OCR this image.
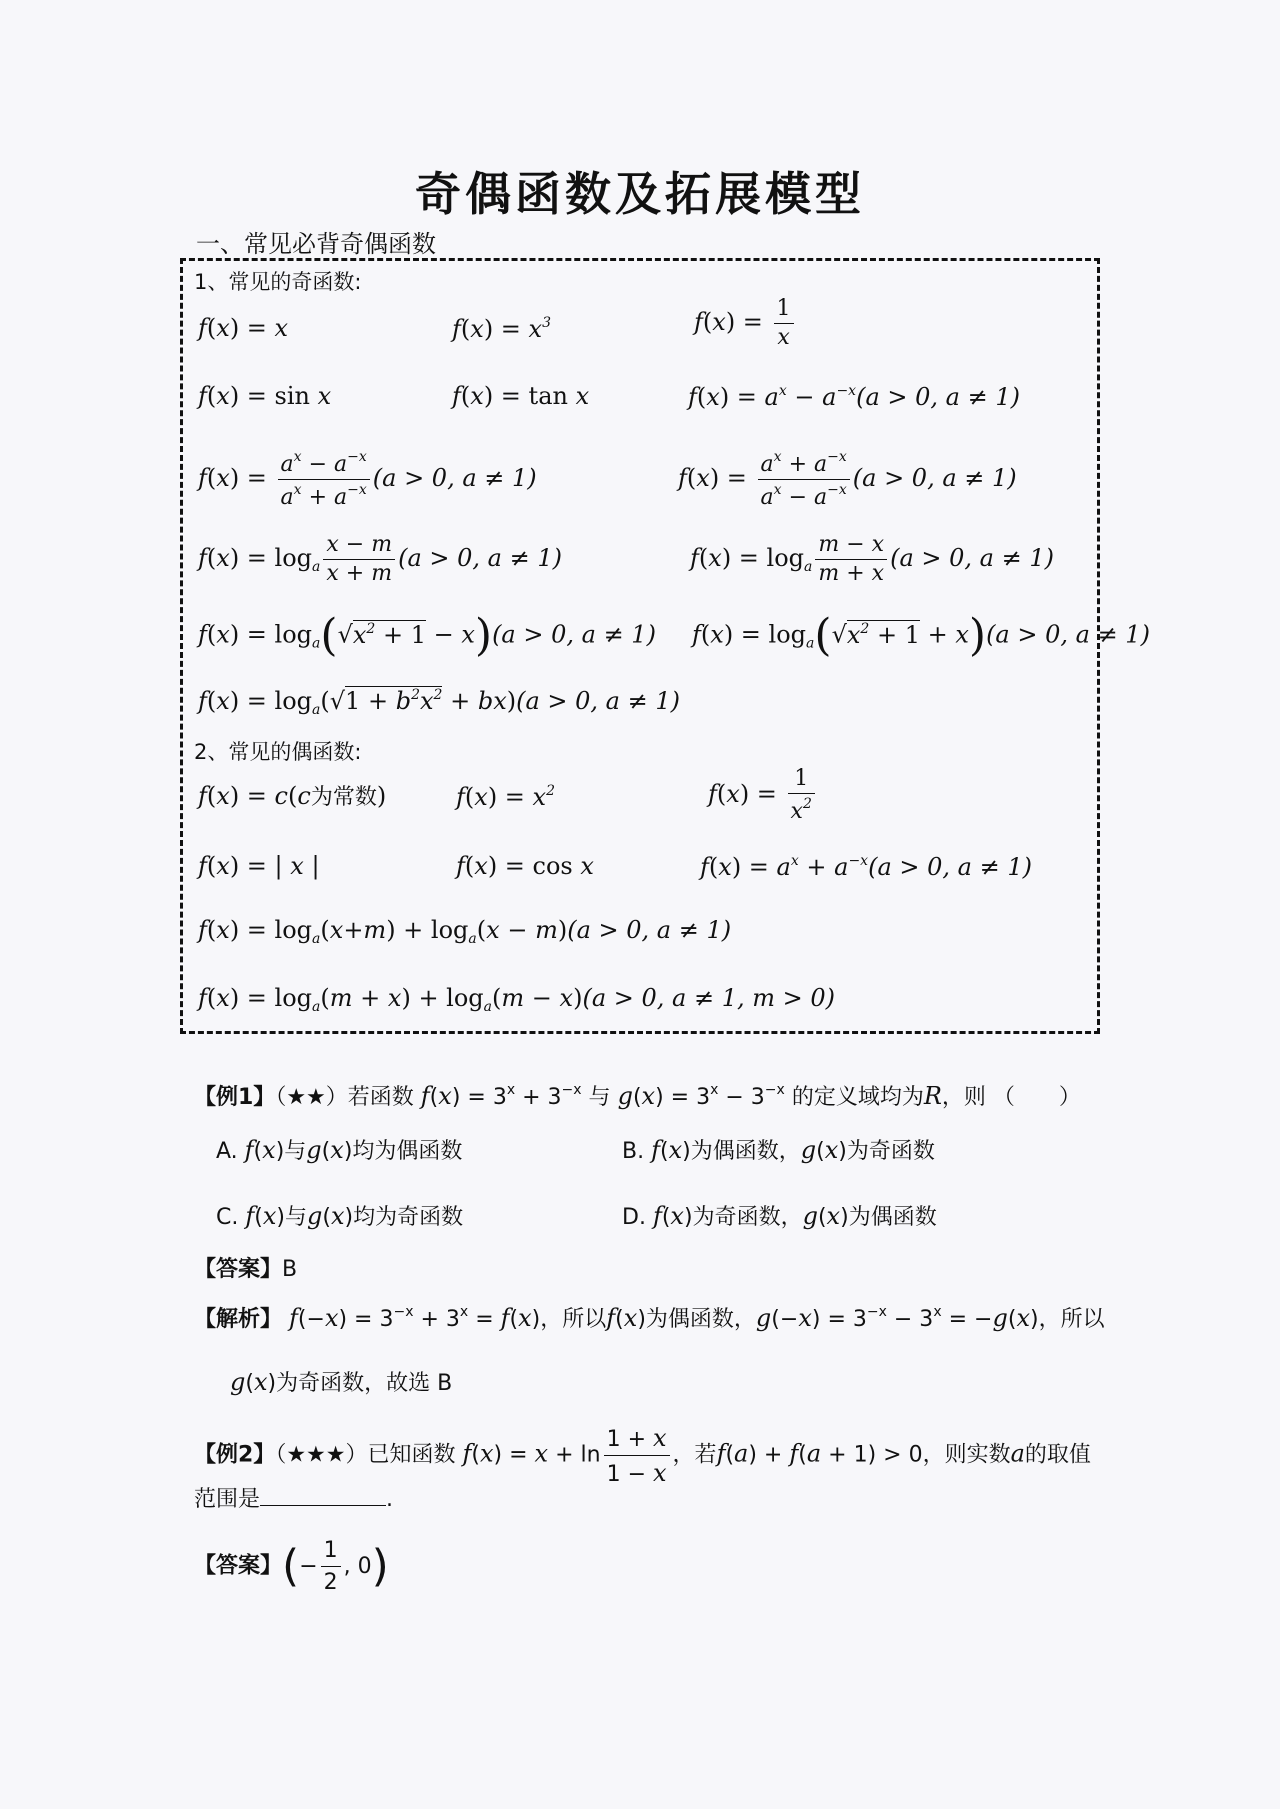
奇偶函数及拓展模型
一、常见必背奇偶函数
1、常见的奇函数:
f(x) = x	$f(x) = x^3$	$f(x) = \frac{1}{x}$
f(x) = sin x	f(x) = tan x	$f(x) = a^x - a^{-x}(a > 0$, a ≠ 1)
$f(x) = \frac{a^x - a^{-x}}{a^x + a^{-x}} (a > 0$, a ≠ 1)	$f(x) = \frac{a^x + a^{-x}}{a^x - a^{-x}} (a > 0$, a ≠ 1)
$f(x) = \log_a \frac{x - m}{x + m} (a > 0$, a ≠ 1)	$f(x) = \log_a \frac{m - x}{m + x} (a > 0$, a ≠ 1)
$f(x) = \log_a(√x^2 + 1 - x)(a > 0$, a ≠ 1) $f(x) = \log_a(√x^2 + 1 + x)(a > 0$, a ≠ 1)
$f(x) = \log_a(√1 + b^2x^2 + bx)(a > 0$, a ≠ 1)
2、常见的偶函数:
f(x) = c(c为常数)	$f(x) = x^2$	$f(x) = \frac{1}{x^2}$
f(x) = | x |	f(x) = cos x	$f(x) = a^x + a^{-x}(a > 0$, a ≠ 1)
$f(x) = \log_a(x+m) + \log_a(x - m)(a > 0$, a ≠ 1)
$f(x) = \log_a(m + x) + \log_a(m - x)(a > 0$, a ≠ 1, m > 0)
【例1】（★★）若函数 $f(x) = 3^x + 3^{-x}$ 与 $g(x) = 3^x - 3^{-x}$ 的定义域均为R，则 （　　）
A. f(x)与g(x)均为偶函数	B. f(x)为偶函数，g(x)为奇函数
C. f(x)与g(x)均为奇函数	D. f(x)为奇函数，g(x)为偶函数
【答案】B
【解析】 $f(-x) = 3^{-x} + 3^x = f(x)$，所以f(x)为偶函数，$g(-x) = 3^{-x} - 3^x = -g(x)$，所以
g(x)为奇函数，故选 B
【例2】（★★★）已知函数 $f(x) = x + \ln \frac{1 + x}{1 - x}$ ，若f(a) + f(a + 1) > 0，则实数a的取值
范围是	.
【答案】(− $\frac{1}{2}$ , 0)
